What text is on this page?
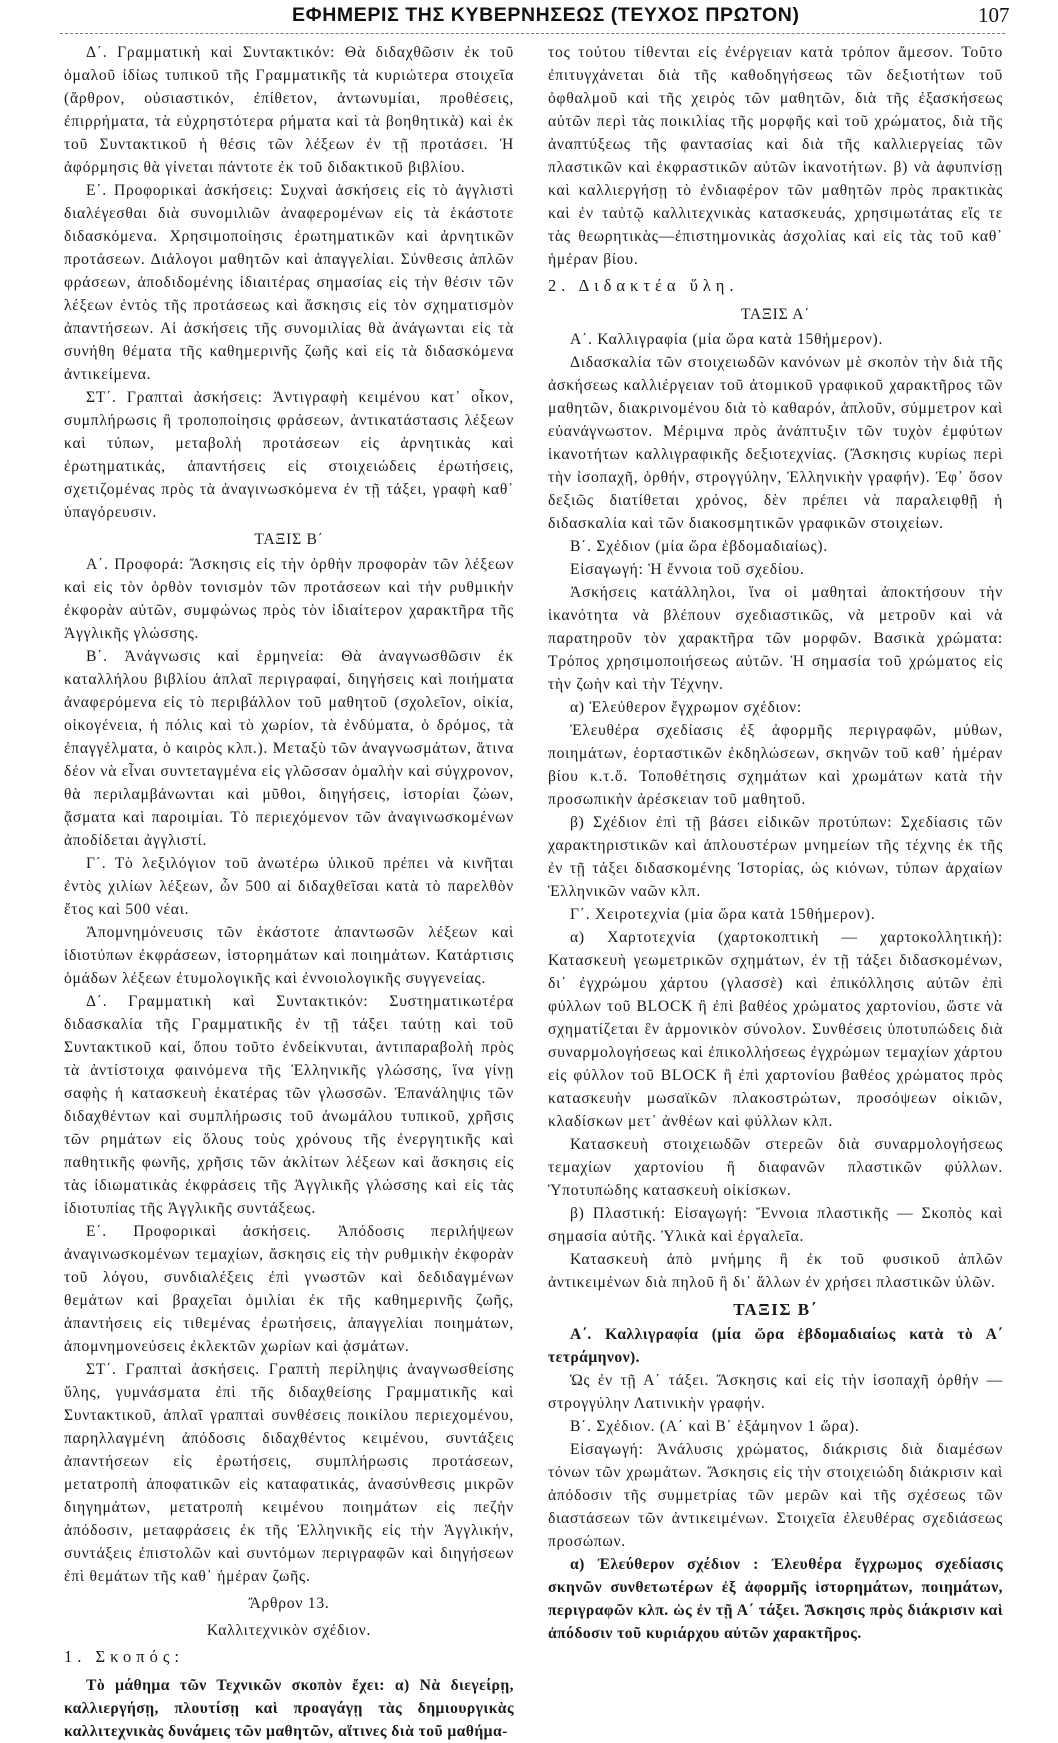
ΕΦΗΜΕΡΙΣ ΤΗΣ ΚΥΒΕΡΝΗΣΕΩΣ (ΤΕΥΧΟΣ ΠΡΩΤΟΝ)	107

Δ΄. Γραμματικὴ καὶ Συντακτικόν: Θὰ διδαχθῶσιν ἐκ τοῦ ὁμαλοῦ ἰδίως τυπικοῦ τῆς Γραμματικῆς τὰ κυριώτερα στοιχεῖα (ἄρθρον, οὐσιαστικόν, ἐπίθετον, ἀντωνυμίαι, προθέσεις, ἐπιρρήματα, τὰ εὐχρηστότερα ρήματα καὶ τὰ βοηθητικὰ) καὶ ἐκ τοῦ Συντακτικοῦ ἡ θέσις τῶν λέξεων ἐν τῇ προτάσει. Ἡ ἀφόρμησις θὰ γίνεται πάντοτε ἐκ τοῦ διδακτικοῦ βιβλίου.

Ε΄. Προφορικαὶ ἀσκήσεις: Συχναὶ ἀσκήσεις εἰς τὸ ἀγγλιστὶ διαλέγεσθαι διὰ συνομιλιῶν ἀναφερομένων εἰς τὰ ἑκάστοτε διδασκόμενα. Χρησιμοποίησις ἐρωτηματικῶν καὶ ἀρνητικῶν προτάσεων. Διάλογοι μαθητῶν καὶ ἀπαγγελίαι. Σύνθεσις ἁπλῶν φράσεων, ἀποδιδομένης ἰδιαιτέρας σημασίας εἰς τὴν θέσιν τῶν λέξεων ἐντὸς τῆς προτάσεως καὶ ἄσκησις εἰς τὸν σχηματισμὸν ἀπαντήσεων. Αἱ ἀσκήσεις τῆς συνομιλίας θὰ ἀνάγωνται εἰς τὰ συνήθη θέματα τῆς καθημερινῆς ζωῆς καὶ εἰς τὰ διδασκόμενα ἀντικείμενα.

ΣΤ΄. Γραπταὶ ἀσκήσεις: Ἀντιγραφὴ κειμένου κατ᾿ οἶκον, συμπλήρωσις ἢ τροποποίησις φράσεων, ἀντικατάστασις λέξεων καὶ τύπων, μεταβολὴ προτάσεων εἰς ἀρνητικὰς καὶ ἐρωτηματικάς, ἀπαντήσεις εἰς στοιχειώδεις ἐρωτήσεις, σχετιζομένας πρὸς τὰ ἀναγινωσκόμενα ἐν τῇ τάξει, γραφὴ καθ᾿ ὑπαγόρευσιν.

ΤΑΞΙΣ Β΄

Α΄. Προφορά: Ἄσκησις εἰς τὴν ὀρθὴν προφορὰν τῶν λέξεων καὶ εἰς τὸν ὀρθὸν τονισμὸν τῶν προτάσεων καὶ τὴν ρυθμικὴν ἐκφορὰν αὐτῶν, συμφώνως πρὸς τὸν ἰδιαίτερον χαρακτῆρα τῆς Ἀγγλικῆς γλώσσης.

Β΄. Ἀνάγνωσις καὶ ἑρμηνεία: Θὰ ἀναγνωσθῶσιν ἐκ καταλλήλου βιβλίου ἁπλαῖ περιγραφαί, διηγήσεις καὶ ποιήματα ἀναφερόμενα εἰς τὸ περιβάλλον τοῦ μαθητοῦ (σχολεῖον, οἰκία, οἰκογένεια, ἡ πόλις καὶ τὸ χωρίον, τὰ ἐνδύματα, ὁ δρόμος, τὰ ἐπαγγέλματα, ὁ καιρὸς κλπ.). Μεταξὺ τῶν ἀναγνωσμάτων, ἅτινα δέον νὰ εἶναι συντεταγμένα εἰς γλῶσσαν ὁμαλὴν καὶ σύγχρονον, θὰ περιλαμβάνωνται καὶ μῦθοι, διηγήσεις, ἱστορίαι ζώων, ᾄσματα καὶ παροιμίαι. Τὸ περιεχόμενον τῶν ἀναγινωσκομένων ἀποδίδεται ἀγγλιστί.

Γ΄. Τὸ λεξιλόγιον τοῦ ἀνωτέρω ὑλικοῦ πρέπει νὰ κινῆται ἐντὸς χιλίων λέξεων, ὧν 500 αἱ διδαχθεῖσαι κατὰ τὸ παρελθὸν ἔτος καὶ 500 νέαι.

Ἀπομνημόνευσις τῶν ἑκάστοτε ἀπαντωσῶν λέξεων καὶ ἰδιοτύπων ἐκφράσεων, ἱστορημάτων καὶ ποιημάτων. Κατάρτισις ὁμάδων λέξεων ἐτυμολογικῆς καὶ ἐννοιολογικῆς συγγενείας.

Δ΄. Γραμματικὴ καὶ Συντακτικόν: Συστηματικωτέρα διδασκαλία τῆς Γραμματικῆς ἐν τῇ τάξει ταύτῃ καὶ τοῦ Συντακτικοῦ καί, ὅπου τοῦτο ἐνδείκνυται, ἀντιπαραβολὴ πρὸς τὰ ἀντίστοιχα φαινόμενα τῆς Ἑλληνικῆς γλώσσης, ἵνα γίνῃ σαφὴς ἡ κατασκευὴ ἑκατέρας τῶν γλωσσῶν. Ἐπανάληψις τῶν διδαχθέντων καὶ συμπλήρωσις τοῦ ἀνωμάλου τυπικοῦ, χρῆσις τῶν ρημάτων εἰς ὅλους τοὺς χρόνους τῆς ἐνεργητικῆς καὶ παθητικῆς φωνῆς, χρῆσις τῶν ἀκλίτων λέξεων καὶ ἄσκησις εἰς τὰς ἰδιωματικὰς ἐκφράσεις τῆς Ἀγγλικῆς γλώσσης καὶ εἰς τὰς ἰδιοτυπίας τῆς Ἀγγλικῆς συντάξεως.

Ε΄. Προφορικαὶ ἀσκήσεις. Ἀπόδοσις περιλήψεων ἀναγινωσκομένων τεμαχίων, ἄσκησις εἰς τὴν ρυθμικὴν ἐκφορὰν τοῦ λόγου, συνδιαλέξεις ἐπὶ γνωστῶν καὶ δεδιδαγμένων θεμάτων καὶ βραχεῖαι ὁμιλίαι ἐκ τῆς καθημερινῆς ζωῆς, ἀπαντήσεις εἰς τιθεμένας ἐρωτήσεις, ἀπαγγελίαι ποιημάτων, ἀπομνημονεύσεις ἐκλεκτῶν χωρίων καὶ ᾀσμάτων.

ΣΤ΄. Γραπταὶ ἀσκήσεις. Γραπτὴ περίληψις ἀναγνωσθείσης ὕλης, γυμνάσματα ἐπὶ τῆς διδαχθείσης Γραμματικῆς καὶ Συντακτικοῦ, ἁπλαῖ γραπταὶ συνθέσεις ποικίλου περιεχομένου, παρηλλαγμένη ἀπόδοσις διδαχθέντος κειμένου, συντάξεις ἀπαντήσεων εἰς ἐρωτήσεις, συμπλήρωσις προτάσεων, μετατροπὴ ἀποφατικῶν εἰς καταφατικάς, ἀνασύνθεσις μικρῶν διηγημάτων, μετατροπὴ κειμένου ποιημάτων εἰς πεζὴν ἀπόδοσιν, μεταφράσεις ἐκ τῆς Ἑλληνικῆς εἰς τὴν Ἀγγλικήν, συντάξεις ἐπιστολῶν καὶ συντόμων περιγραφῶν καὶ διηγήσεων ἐπὶ θεμάτων τῆς καθ᾿ ἡμέραν ζωῆς.

Ἄρθρον 13.
Καλλιτεχνικὸν σχέδιον.
1. Σκοπός:

Τὸ μάθημα τῶν Τεχνικῶν σκοπὸν ἔχει: α) Νὰ διεγείρῃ, καλλιεργήσῃ, πλουτίσῃ καὶ προαγάγῃ τὰς δημιουργικὰς καλλιτεχνικὰς δυνάμεις τῶν μαθητῶν, αἵτινες διὰ τοῦ μαθήμα-

τος τούτου τίθενται εἰς ἐνέργειαν κατὰ τρόπον ἄμεσον. Τοῦτο ἐπιτυγχάνεται διὰ τῆς καθοδηγήσεως τῶν δεξιοτήτων τοῦ ὀφθαλμοῦ καὶ τῆς χειρὸς τῶν μαθητῶν, διὰ τῆς ἐξασκήσεως αὐτῶν περὶ τὰς ποικιλίας τῆς μορφῆς καὶ τοῦ χρώματος, διὰ τῆς ἀναπτύξεως τῆς φαντασίας καὶ διὰ τῆς καλλιεργείας τῶν πλαστικῶν καὶ ἐκφραστικῶν αὐτῶν ἱκανοτήτων. β) νὰ ἀφυπνίσῃ καὶ καλλιεργήσῃ τὸ ἐνδιαφέρον τῶν μαθητῶν πρὸς πρακτικὰς καὶ ἐν ταὐτῷ καλλιτεχνικὰς κατασκευάς, χρησιμωτάτας εἴς τε τὰς θεωρητικὰς—ἐπιστημονικὰς ἀσχολίας καὶ εἰς τὰς τοῦ καθ᾿ ἡμέραν βίου.

2. Διδακτέα ὕλη.
ΤΑΞΙΣ Α΄

Α΄. Καλλιγραφία (μία ὥρα κατὰ 15θήμερον).

Διδασκαλία τῶν στοιχειωδῶν κανόνων μὲ σκοπὸν τὴν διὰ τῆς ἀσκήσεως καλλιέργειαν τοῦ ἀτομικοῦ γραφικοῦ χαρακτῆρος τῶν μαθητῶν, διακρινομένου διὰ τὸ καθαρόν, ἁπλοῦν, σύμμετρον καὶ εὐανάγνωστον. Μέριμνα πρὸς ἀνάπτυξιν τῶν τυχὸν ἐμφύτων ἱκανοτήτων καλλιγραφικῆς δεξιοτεχνίας. (Ἄσκησις κυρίως περὶ τὴν ἰσοπαχῆ, ὀρθήν, στρογγύλην, Ἑλληνικὴν γραφήν). Ἐφ᾿ ὅσον δεξιῶς διατίθεται χρόνος, δὲν πρέπει νὰ παραλειφθῇ ἡ διδασκαλία καὶ τῶν διακοσμητικῶν γραφικῶν στοιχείων.

Β΄. Σχέδιον (μία ὥρα ἑβδομαδιαίως).

Εἰσαγωγή: Ἡ ἔννοια τοῦ σχεδίου.

Ἀσκήσεις κατάλληλοι, ἵνα οἱ μαθηταὶ ἀποκτήσουν τὴν ἱκανότητα νὰ βλέπουν σχεδιαστικῶς, νὰ μετροῦν καὶ νὰ παρατηροῦν τὸν χαρακτῆρα τῶν μορφῶν. Βασικὰ χρώματα: Τρόπος χρησιμοποιήσεως αὐτῶν. Ἡ σημασία τοῦ χρώματος εἰς τὴν ζωὴν καὶ τὴν Τέχνην.

α) Ἐλεύθερον ἔγχρωμον σχέδιον:

Ἐλευθέρα σχεδίασις ἐξ ἀφορμῆς περιγραφῶν, μύθων, ποιημάτων, ἑορταστικῶν ἐκδηλώσεων, σκηνῶν τοῦ καθ᾿ ἡμέραν βίου κ.τ.ὅ. Τοποθέτησις σχημάτων καὶ χρωμάτων κατὰ τὴν προσωπικὴν ἀρέσκειαν τοῦ μαθητοῦ.

β) Σχέδιον ἐπὶ τῇ βάσει εἰδικῶν προτύπων: Σχεδίασις τῶν χαρακτηριστικῶν καὶ ἁπλουστέρων μνημείων τῆς τέχνης ἐκ τῆς ἐν τῇ τάξει διδασκομένης Ἱστορίας, ὡς κιόνων, τύπων ἀρχαίων Ἑλληνικῶν ναῶν κλπ.

Γ΄. Χειροτεχνία (μία ὥρα κατὰ 15θήμερον).

α) Χαρτοτεχνία (χαρτοκοπτικὴ — χαρτοκολλητική): Κατασκευὴ γεωμετρικῶν σχημάτων, ἐν τῇ τάξει διδασκομένων, δι᾿ ἐγχρώμου χάρτου (γλασσὲ) καὶ ἐπικόλλησις αὐτῶν ἐπὶ φύλλων τοῦ BLOCK ἢ ἐπὶ βαθέος χρώματος χαρτονίου, ὥστε νὰ σχηματίζεται ἓν ἁρμονικὸν σύνολον. Συνθέσεις ὑποτυπώδεις διὰ συναρμολογήσεως καὶ ἐπικολλήσεως ἐγχρώμων τεμαχίων χάρτου εἰς φύλλον τοῦ BLOCK ἢ ἐπὶ χαρτονίου βαθέος χρώματος πρὸς κατασκευὴν μωσαϊκῶν πλακοστρώτων, προσόψεων οἰκιῶν, κλαδίσκων μετ᾿ ἀνθέων καὶ φύλλων κλπ.

Κατασκευὴ στοιχειωδῶν στερεῶν διὰ συναρμολογήσεως τεμαχίων χαρτονίου ἢ διαφανῶν πλαστικῶν φύλλων. Ὑποτυπώδης κατασκευὴ οἰκίσκων.

β) Πλαστική: Εἰσαγωγή: Ἔννοια πλαστικῆς — Σκοπὸς καὶ σημασία αὐτῆς. Ὑλικὰ καὶ ἐργαλεῖα.

Κατασκευὴ ἀπὸ μνήμης ἢ ἐκ τοῦ φυσικοῦ ἁπλῶν ἀντικειμένων διὰ πηλοῦ ἢ δι᾿ ἄλλων ἐν χρήσει πλαστικῶν ὑλῶν.

ΤΑΞΙΣ Β΄

Α΄. Καλλιγραφία (μία ὥρα ἑβδομαδιαίως κατὰ τὸ Α΄ τετράμηνον).

Ὡς ἐν τῇ Α΄ τάξει. Ἄσκησις καὶ εἰς τὴν ἰσοπαχῆ ὀρθὴν —στρογγύλην Λατινικὴν γραφήν.

Β΄. Σχέδιον. (Α΄ καὶ Β΄ ἑξάμηνον 1 ὥρα).

Εἰσαγωγή: Ἀνάλυσις χρώματος, διάκρισις διὰ διαμέσων τόνων τῶν χρωμάτων. Ἄσκησις εἰς τὴν στοιχειώδη διάκρισιν καὶ ἀπόδοσιν τῆς συμμετρίας τῶν μερῶν καὶ τῆς σχέσεως τῶν διαστάσεων τῶν ἀντικειμένων. Στοιχεῖα ἐλευθέρας σχεδιάσεως προσώπων.

α) Ἐλεύθερον σχέδιον : Ἐλευθέρα ἔγχρωμος σχεδίασις σκηνῶν συνθετωτέρων ἐξ ἀφορμῆς ἱστορημάτων, ποιημάτων, περιγραφῶν κλπ. ὡς ἐν τῇ Α΄ τάξει. Ἄσκησις πρὸς διάκρισιν καὶ ἀπόδοσιν τοῦ κυριάρχου αὐτῶν χαρακτῆρος.
